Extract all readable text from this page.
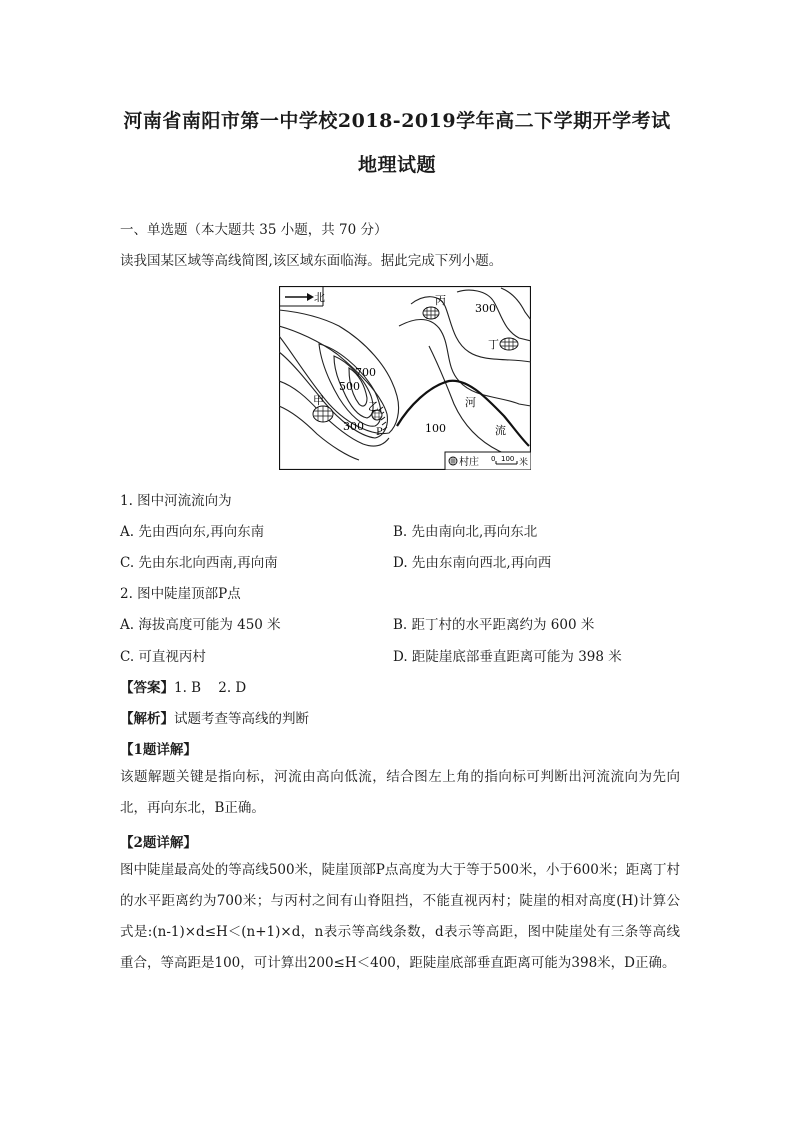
河南省南阳市第一中学校2018-2019学年高二下学期开学考试
地理试题
一、单选题（本大题共 35 小题，共 70 分）
读我国某区域等高线简图,该区域东面临海。据此完成下列小题。
北
700
500
300	100
300
丙
丁
甲	乙
P
河
流
村庄 0 100 米
1. 图中河流流向为
A. 先由西向东,再向东南	B. 先由南向北,再向东北
C. 先由东北向西南,再向南	D. 先由东南向西北,再向西
2. 图中陡崖顶部P点
A. 海拔高度可能为 450 米	B. 距丁村的水平距离约为 600 米
C. 可直视丙村	D. 距陡崖底部垂直距离可能为 398 米
【答案】1. B    2. D
【解析】试题考查等高线的判断
【1题详解】
该题解题关键是指向标，河流由高向低流，结合图左上角的指向标可判断出河流流向为先向北，再向东北，B正确。
【2题详解】
图中陡崖最高处的等高线500米，陡崖顶部P点高度为大于等于500米，小于600米；距离丁村的水平距离约为700米；与丙村之间有山脊阻挡，不能直视丙村；陡崖的相对高度(H)计算公式是:(n-1)×d≤H＜(n+1)×d，n表示等高线条数，d表示等高距，图中陡崖处有三条等高线重合，等高距是100，可计算出200≤H＜400，距陡崖底部垂直距离可能为398米，D正确。
